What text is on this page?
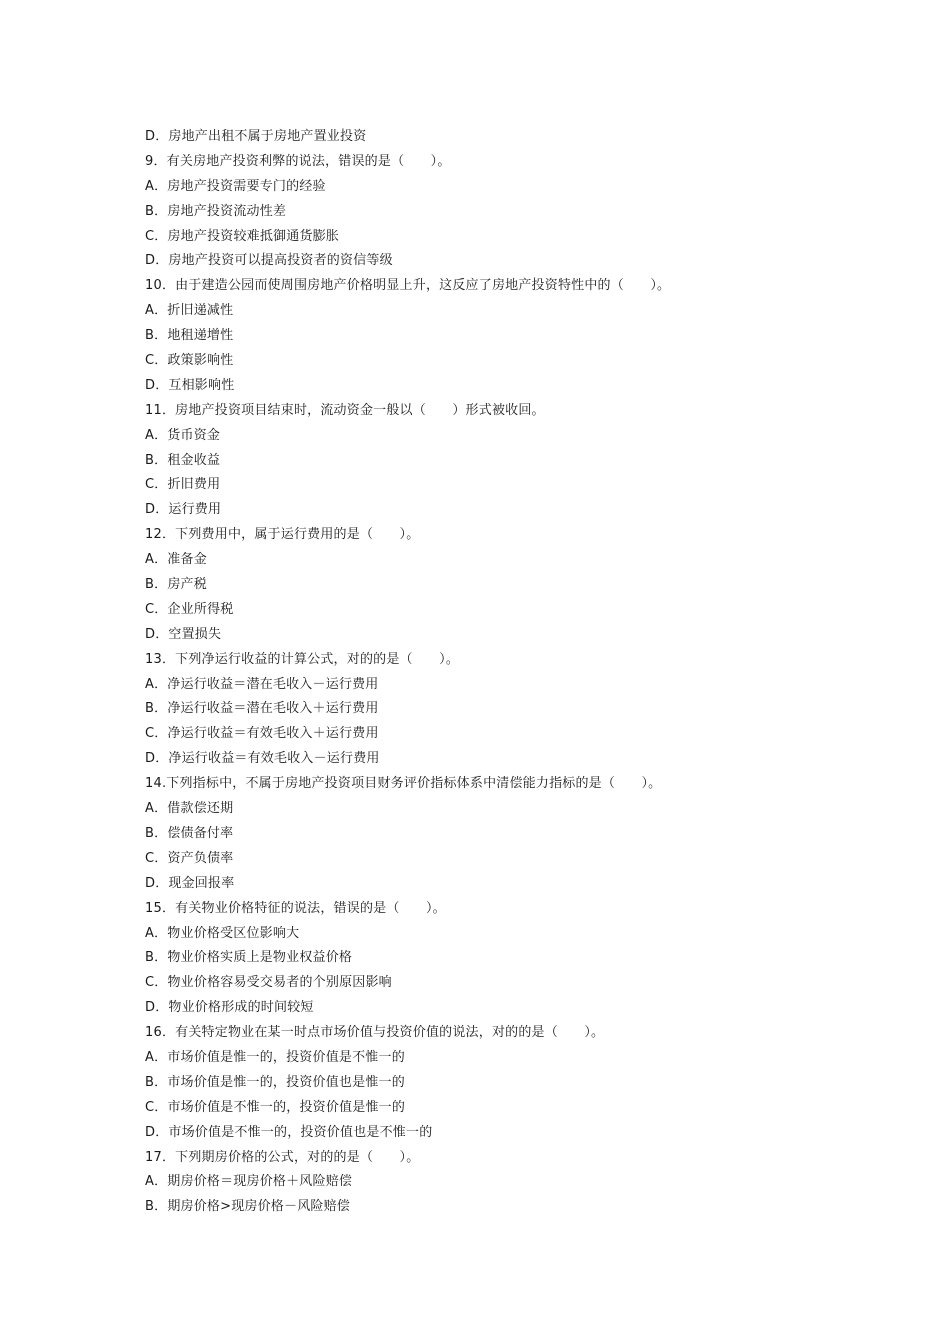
D．房地产出租不属于房地产置业投资
9．有关房地产投资利弊的说法，错误的是（　　）。
A．房地产投资需要专门的经验
B．房地产投资流动性差
C．房地产投资较难抵御通货膨胀
D．房地产投资可以提高投资者的资信等级
10．由于建造公园而使周围房地产价格明显上升，这反应了房地产投资特性中的（　　）。
A．折旧递减性
B．地租递增性
C．政策影响性
D．互相影响性
11．房地产投资项目结束时，流动资金一般以（　　）形式被收回。
A．货币资金
B．租金收益
C．折旧费用
D．运行费用
12．下列费用中，属于运行费用的是（　　）。
A．准备金
B．房产税
C．企业所得税
D．空置损失
13．下列净运行收益的计算公式，对的的是（　　）。
A．净运行收益＝潜在毛收入－运行费用
B．净运行收益＝潜在毛收入＋运行费用
C．净运行收益＝有效毛收入＋运行费用
D．净运行收益＝有效毛收入－运行费用
14.下列指标中，不属于房地产投资项目财务评价指标体系中清偿能力指标的是（　　）。
A．借款偿还期
B．偿债备付率
C．资产负债率
D．现金回报率
15．有关物业价格特征的说法，错误的是（　　）。
A．物业价格受区位影响大
B．物业价格实质上是物业权益价格
C．物业价格容易受交易者的个别原因影响
D．物业价格形成的时间较短
16．有关特定物业在某一时点市场价值与投资价值的说法，对的的是（　　）。
A．市场价值是惟一的，投资价值是不惟一的
B．市场价值是惟一的，投资价值也是惟一的
C．市场价值是不惟一的，投资价值是惟一的
D．市场价值是不惟一的，投资价值也是不惟一的
17．下列期房价格的公式，对的的是（　　）。
A．期房价格＝现房价格＋风险赔偿
B．期房价格>现房价格－风险赔偿
